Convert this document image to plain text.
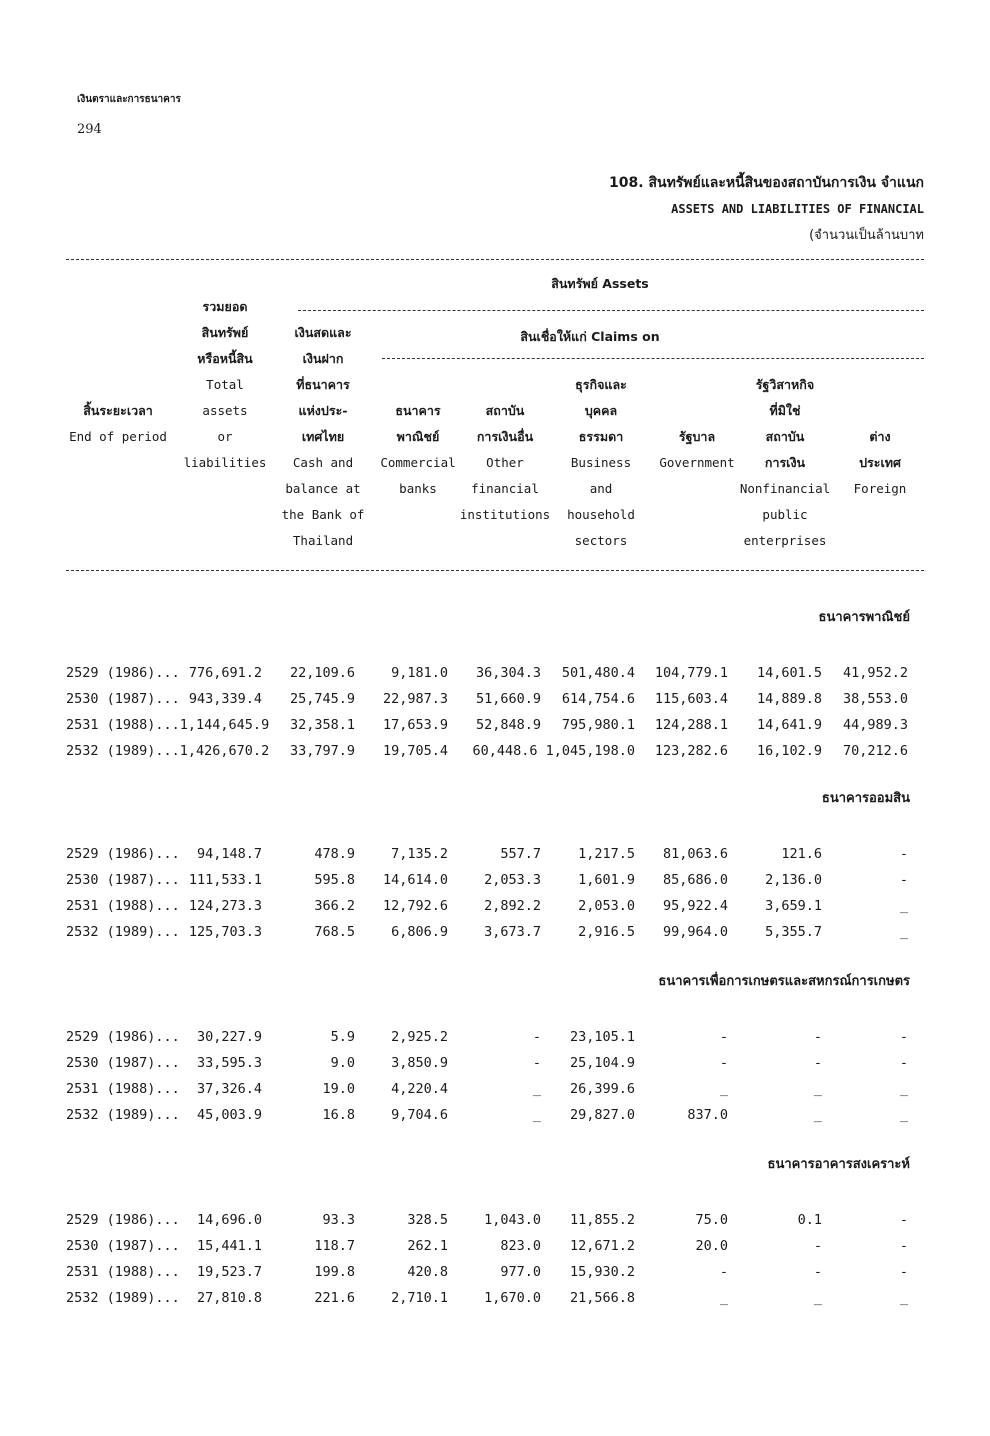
เงินตราและการธนาคาร
294
108. สินทรัพย์และหนี้สินของสถาบันการเงิน จำแนก
ASSETS AND LIABILITIES OF FINANCIAL
(จำนวนเป็นล้านบาท
สินทรัพย์ Assets
สินเชื่อให้แก่ Claims on
สิ้นระยะเวลา
End of period
รวมยอด
สินทรัพย์
หรือหนี้สิน
Total
assets
or
liabilities
เงินสดและ
เงินฝาก
ที่ธนาคาร
แห่งประ-
เทศไทย
Cash and
balance at
the Bank of
Thailand
ธนาคาร
พาณิชย์
Commercial
banks
สถาบัน
การเงินอื่น
Other
financial
institutions
ธุรกิจและ
บุคคล
ธรรมดา
Business
and
household
sectors
รัฐบาล
Government
รัฐวิสาหกิจ
ที่มิใช่
สถาบัน
การเงิน
Nonfinancial
public
enterprises
ต่าง
ประเทศ
Foreign
ธนาคารพาณิชย์
2529 (1986)... 776,691.2 22,109.6	9,181.0 36,304.3 501,480.4 104,779.1 14,601.5 41,952.2
2530 (1987)... 943,339.4 25,745.9 22,987.3 51,660.9 614,754.6 115,603.4 14,889.8 38,553.0
2531 (1988)...1,144,645.9 32,358.1 17,653.9 52,848.9 795,980.1 124,288.1 14,641.9 44,989.3
2532 (1989)...1,426,670.2 33,797.9 19,705.4 60,448.6 1,045,198.0 123,282.6 16,102.9 70,212.6
ธนาคารออมสิน
2529 (1986)... 94,148.7	478.9	7,135.2	557.7	1,217.5 81,063.6	121.6	-
2530 (1987)... 111,533.1	595.8 14,614.0	2,053.3	1,601.9 85,686.0	2,136.0	-
2531 (1988)... 124,273.3	366.2 12,792.6	2,892.2	2,053.0 95,922.4	3,659.1	_
2532 (1989)... 125,703.3	768.5	6,806.9	3,673.7	2,916.5 99,964.0	5,355.7	_
ธนาคารเพื่อการเกษตรและสหกรณ์การเกษตร
2529 (1986)... 30,227.9	5.9	2,925.2	- 23,105.1	-	-	-
2530 (1987)... 33,595.3	9.0	3,850.9	- 25,104.9	-	-	-
2531 (1988)... 37,326.4	19.0	4,220.4	_ 26,399.6	_	_	_
2532 (1989)... 45,003.9	16.8	9,704.6	_ 29,827.0	837.0	_	_
ธนาคารอาคารสงเคราะห์
2529 (1986)... 14,696.0	93.3	328.5	1,043.0 11,855.2	75.0	0.1	-
2530 (1987)... 15,441.1	118.7	262.1	823.0 12,671.2	20.0	-	-
2531 (1988)... 19,523.7	199.8	420.8	977.0 15,930.2	-	-	-
2532 (1989)... 27,810.8	221.6	2,710.1	1,670.0 21,566.8	_	_	_
